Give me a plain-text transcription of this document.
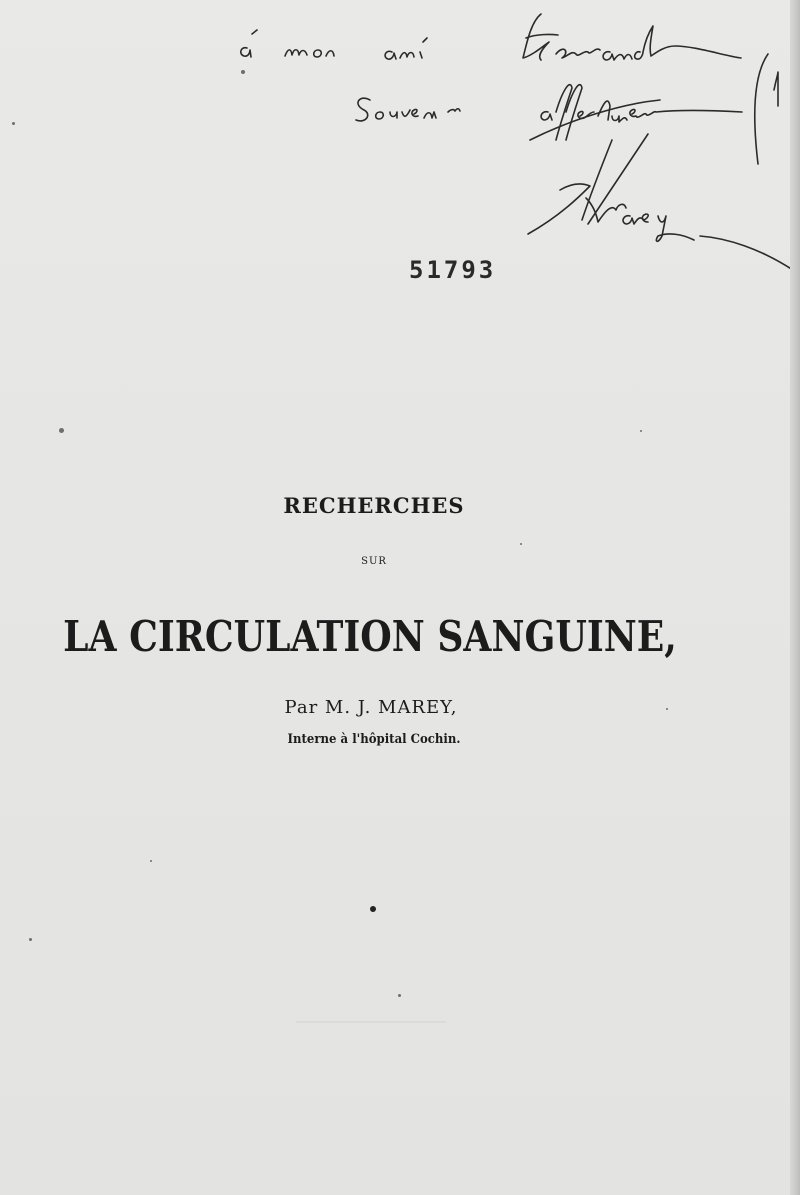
51793
RECHERCHES
SUR
LA CIRCULATION SANGUINE,
Par M. J. MAREY,
Interne à l'hôpital Cochin.
